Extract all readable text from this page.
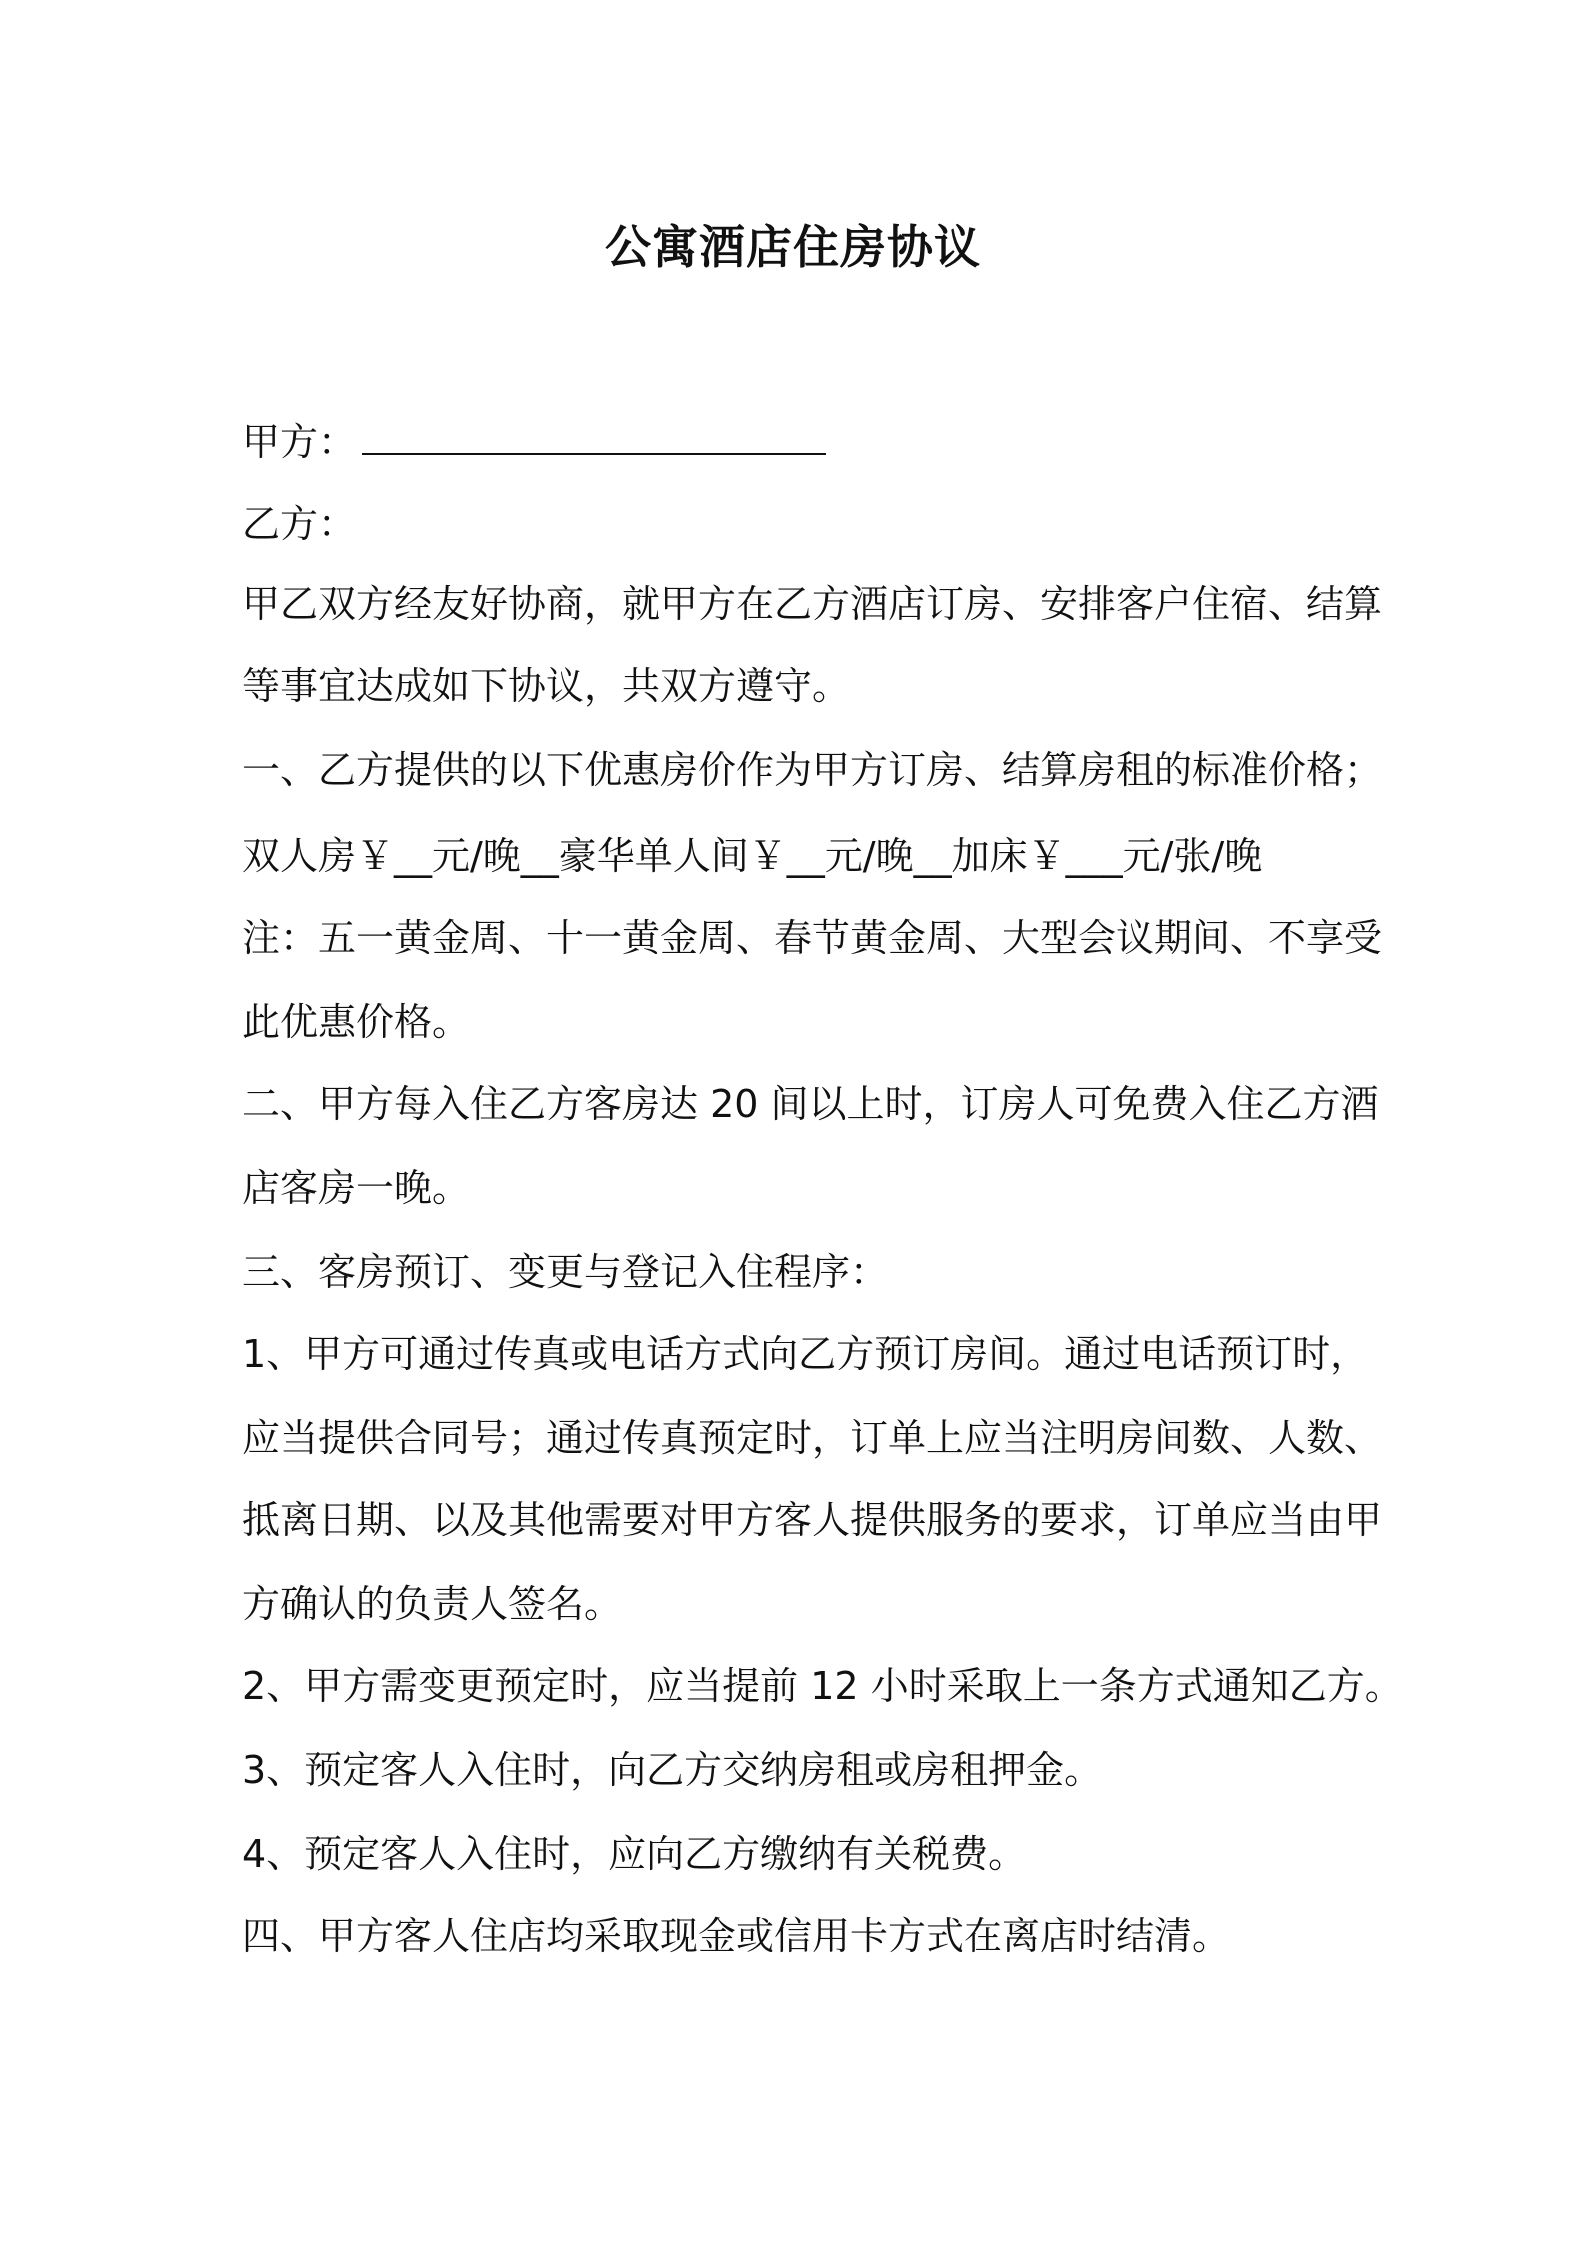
公寓酒店住房协议
甲方：
乙方：
甲乙双方经友好协商，就甲方在乙方酒店订房、安排客户住宿、结算
等事宜达成如下协议，共双方遵守。
一、乙方提供的以下优惠房价作为甲方订房、结算房租的标准价格；
双人房￥__元/晚__豪华单人间￥__元/晚__加床￥___元/张/晚
注：五一黄金周、十一黄金周、春节黄金周、大型会议期间、不享受
此优惠价格。
二、甲方每入住乙方客房达 20 间以上时，订房人可免费入住乙方酒
店客房一晚。
三、客房预订、变更与登记入住程序：
1、甲方可通过传真或电话方式向乙方预订房间。通过电话预订时，
应当提供合同号；通过传真预定时，订单上应当注明房间数、人数、
抵离日期、以及其他需要对甲方客人提供服务的要求，订单应当由甲
方确认的负责人签名。
2、甲方需变更预定时，应当提前 12 小时采取上一条方式通知乙方。
3、预定客人入住时，向乙方交纳房租或房租押金。
4、预定客人入住时，应向乙方缴纳有关税费。
四、甲方客人住店均采取现金或信用卡方式在离店时结清。
